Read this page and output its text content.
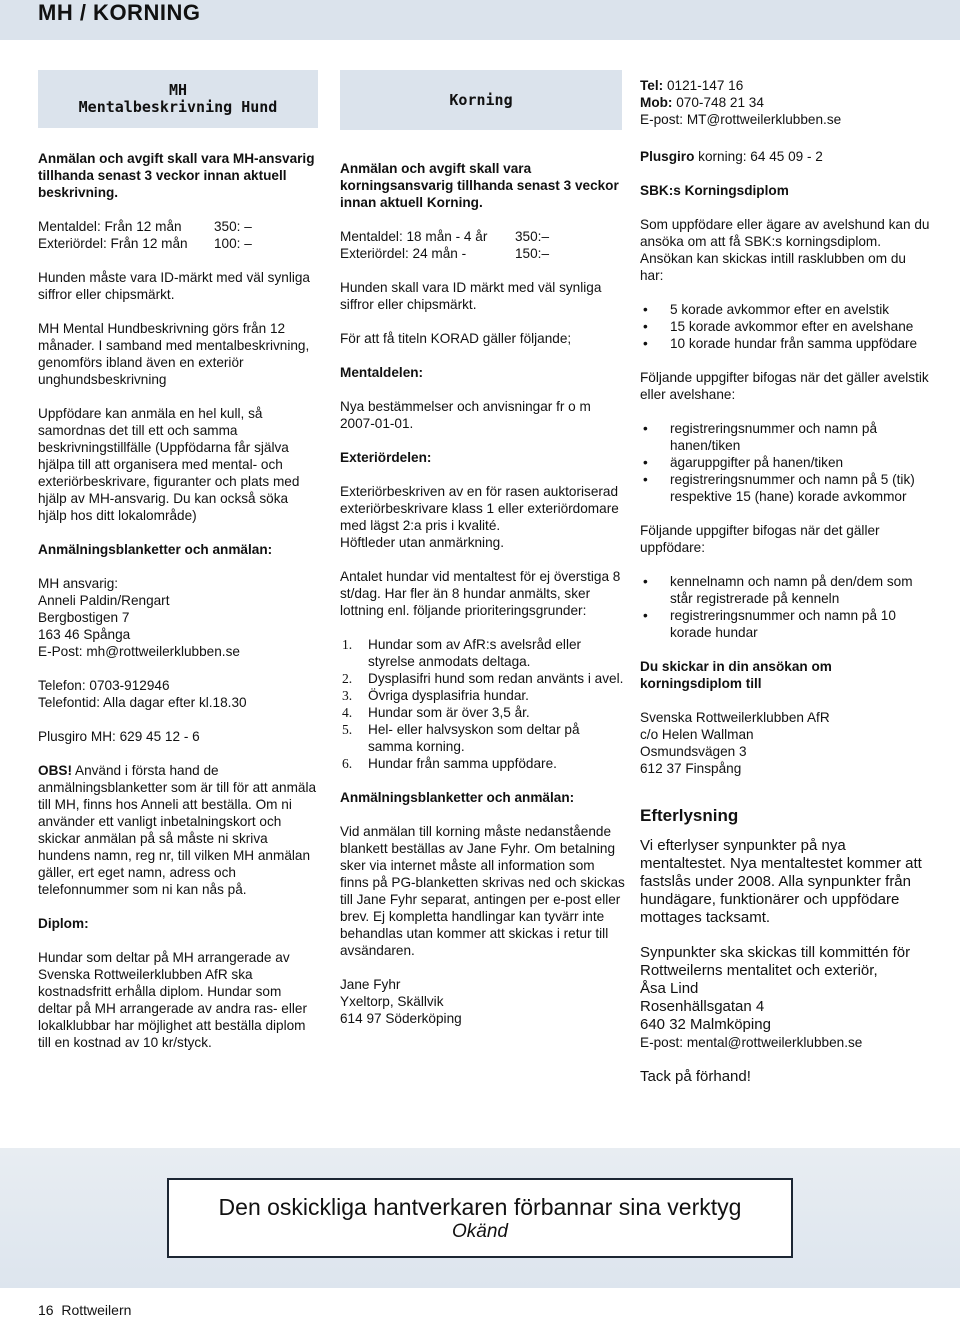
MH / KORNING
MH
Mentalbeskrivning Hund	Korning
Tel: 0121-147 16
Mob: 070-748 21 34
E-post: MT@rottweilerklubben.se

Anmälan och avgift skall vara MH-ansvarig tillhanda senast 3 veckor innan aktuell beskrivning.

Mentaldel: Från 12 mån	350: –
Exteriördel: Från 12 mån	100: –

Hunden måste vara ID-märkt med väl synliga siffror eller chipsmärkt.

MH Mental Hundbeskrivning görs från 12 månader. I samband med mentalbeskrivning, genomförs ibland även en exteriör unghundsbeskrivning

Uppfödare kan anmäla en hel kull, så samordnas det till ett och samma beskrivningstillfälle (Uppfödarna får själva hjälpa till att organisera med mental- och exteriörbeskrivare, figuranter och plats med hjälp av MH-ansvarig. Du kan också söka hjälp hos ditt lokalområde)

Anmälningsblanketter och anmälan:

MH ansvarig:
Anneli Paldin/Rengart
Bergbostigen 7
163 46 Spånga
E-Post: mh@rottweilerklubben.se
Telefon: 0703-912946

Telefontid: Alla dagar efter kl.18.30

Plusgiro MH: 629 45 12 - 6

OBS! Använd i första hand de anmälningsblanketter som är till för att anmäla till MH, finns hos Anneli att beställa. Om ni använder ett vanligt inbetalningskort och skickar anmälan på så måste ni skriva hundens namn, reg nr, till vilken MH anmälan gäller, ert eget namn, adress och telefonnummer som ni kan nås på.

Diplom:

Hundar som deltar på MH arrangerade av Svenska Rottweilerklubben AfR ska kostnadsfritt erhålla diplom. Hundar som deltar på MH arrangerade av andra ras- eller lokalklubbar har möjlighet att beställa diplom till en kostnad av 10 kr/styck.

Anmälan och avgift skall vara korningsansvarig tillhanda senast 3 veckor innan aktuell Korning.

Mentaldel: 18 mån - 4 år	350:–
Exteriördel: 24 mån -	150:–

Hunden skall vara ID märkt med väl synliga siffror eller chipsmärkt.

För att få titeln KORAD gäller följande;

Mentaldelen:

Nya bestämmelser och anvisningar fr o m 2007-01-01.

Exteriördelen:

Exteriörbeskriven av en för rasen auktoriserad exteriörbeskrivare klass 1 eller exteriördomare med lägst 2:a pris i kvalité.

Höftleder utan anmärkning.

Antalet hundar vid mentaltest för ej överstiga 8 st/dag. Har fler än 8 hundar anmälts, sker lottning enl. följande prioriteringsgrunder:

1. Hundar som av AfR:s avelsråd eller styrelse anmodats deltaga.
2. Dysplasifri hund som redan använts i avel.
3. Övriga dysplasifria hundar.
4. Hundar som är över 3,5 år.
5. Hel- eller halvsyskon som deltar på samma korning.
6. Hundar från samma uppfödare.

Anmälningsblanketter och anmälan:

Vid anmälan till korning måste nedanstående blankett beställas av Jane Fyhr. Om betalning sker via internet måste all information som finns på PG-blanketten skrivas ned och skickas till Jane Fyhr separat, antingen per e-post eller brev. Ej kompletta handlingar kan tyvärr inte behandlas utan kommer att skickas i retur till avsändaren.

Jane Fyhr
Yxeltorp, Skällvik
614 97 Söderköping

Plusgiro korning: 64 45 09 - 2

SBK:s Korningsdiplom

Som uppfödare eller ägare av avelshund kan du ansöka om att få SBK:s korningsdiplom. Ansökan kan skickas intill rasklubben om du har:

• 5 korade avkommor efter en avelstik
• 15 korade avkommor efter en avelshane
• 10 korade hundar från samma uppfödare

Följande uppgifter bifogas när det gäller avelstik eller avelshane:

• registreringsnummer och namn på hanen/tiken
• ägaruppgifter på hanen/tiken
• registreringsnummer och namn på 5 (tik) respektive 15 (hane) korade avkommor

Följande uppgifter bifogas när det gäller uppfödare:

• kennelnamn och namn på den/dem som står registrerade på kenneln
• registreringsnummer och namn på 10 korade hundar

Du skickar in din ansökan om korningsdiplom till

Svenska Rottweilerklubben AfR
c/o Helen Wallman
Osmundsvägen 3
612 37 Finspång
Efterlysning

Vi efterlyser synpunkter på nya mentaltestet. Nya mentaltestet kommer att fastslås under 2008. Alla synpunkter från hundägare, funktionärer och uppfödare mottages tacksamt.

Synpunkter ska skickas till kommittén för Rottweilerns mentalitet och exteriör,
Åsa Lind
Rosenhällsgatan 4
640 32 Malmköping

E-post: mental@rottweilerklubben.se

Tack på förhand!
Den oskickliga hantverkaren förbannar sina verktyg
Okänd
16 Rottweilern
